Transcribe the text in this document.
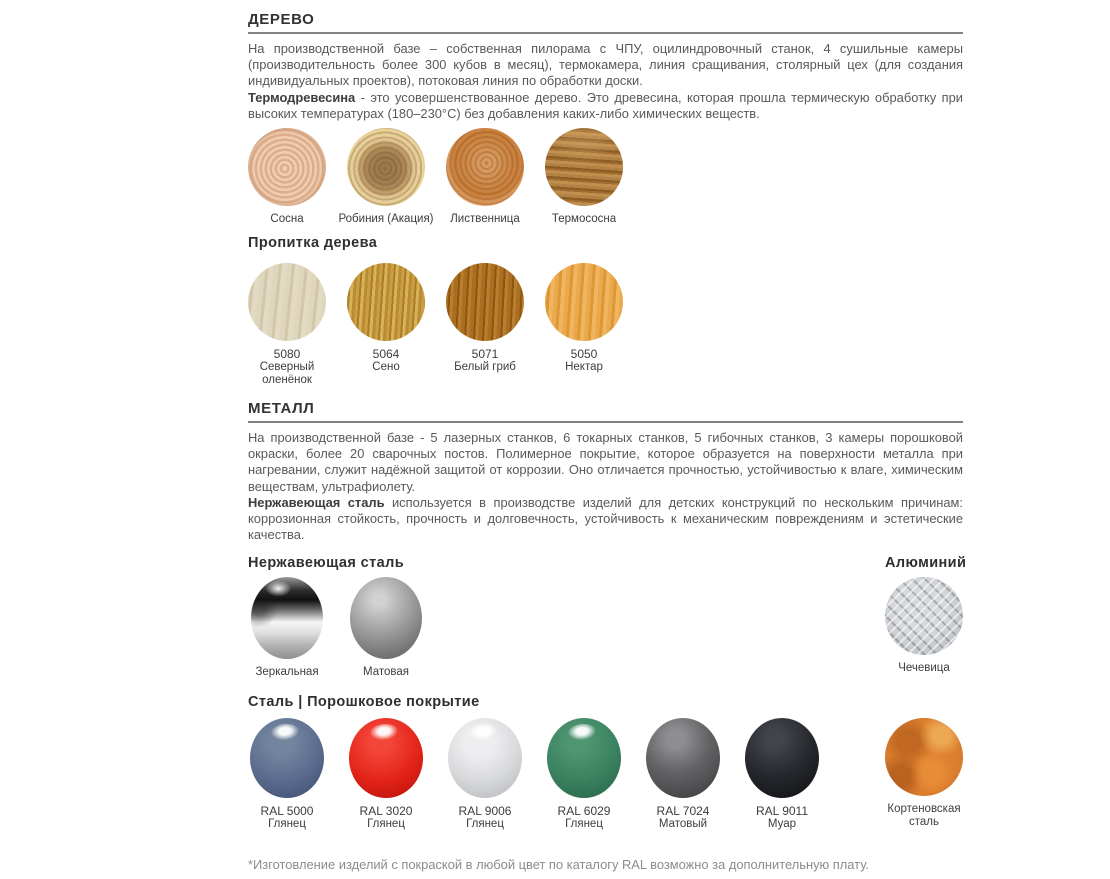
ДЕРЕВО

На производственной базе – собственная пилорама с ЧПУ, оцилиндровочный станок, 4 сушильные камеры (производительность более 300 кубов в месяц), термокамера, линия сращивания, столярный цех (для создания индивидуальных проектов), потоковая линия по обработки доски.

Термодревесина - это усовершенствованное дерево. Это древесина, которая прошла термическую обработку при высоких температурах (180–230°С) без добавления каких-либо химических веществ.

Сосна	Робиния (Акация) Лиственница	Термососна
Пропитка дерева
5080
Северный оленёнок
5064
Сено
5071
Белый гриб
5050
Нектар
МЕТАЛЛ

На производственной базе - 5 лазерных станков, 6 токарных станков, 5 гибочных станков, 3 камеры порошковой окраски, более 20 сварочных постов. Полимерное покрытие, которое образуется на поверхности металла при нагревании, служит надёжной защитой от коррозии. Оно отличается прочностью, устойчивостью к влаге, химическим веществам, ультрафиолету.

Нержавеющая сталь используется в производстве изделий для детских конструкций по нескольким причинам: коррозионная стойкость, прочность и долговечность, устойчивость к механическим повреждениям и эстетические качества.

Нержавеющая сталь	Алюминий
Зеркальная	Матовая	Чечевица
Сталь | Порошковое покрытие
RAL 5000
Глянец
RAL 3020
Глянец
RAL 9006
Глянец
RAL 6029
Глянец
RAL 7024
Матовый
RAL 9011
Муар
Кортеновская сталь

*Изготовление изделий с покраской в любой цвет по каталогу RAL возможно за дополнительную плату.
